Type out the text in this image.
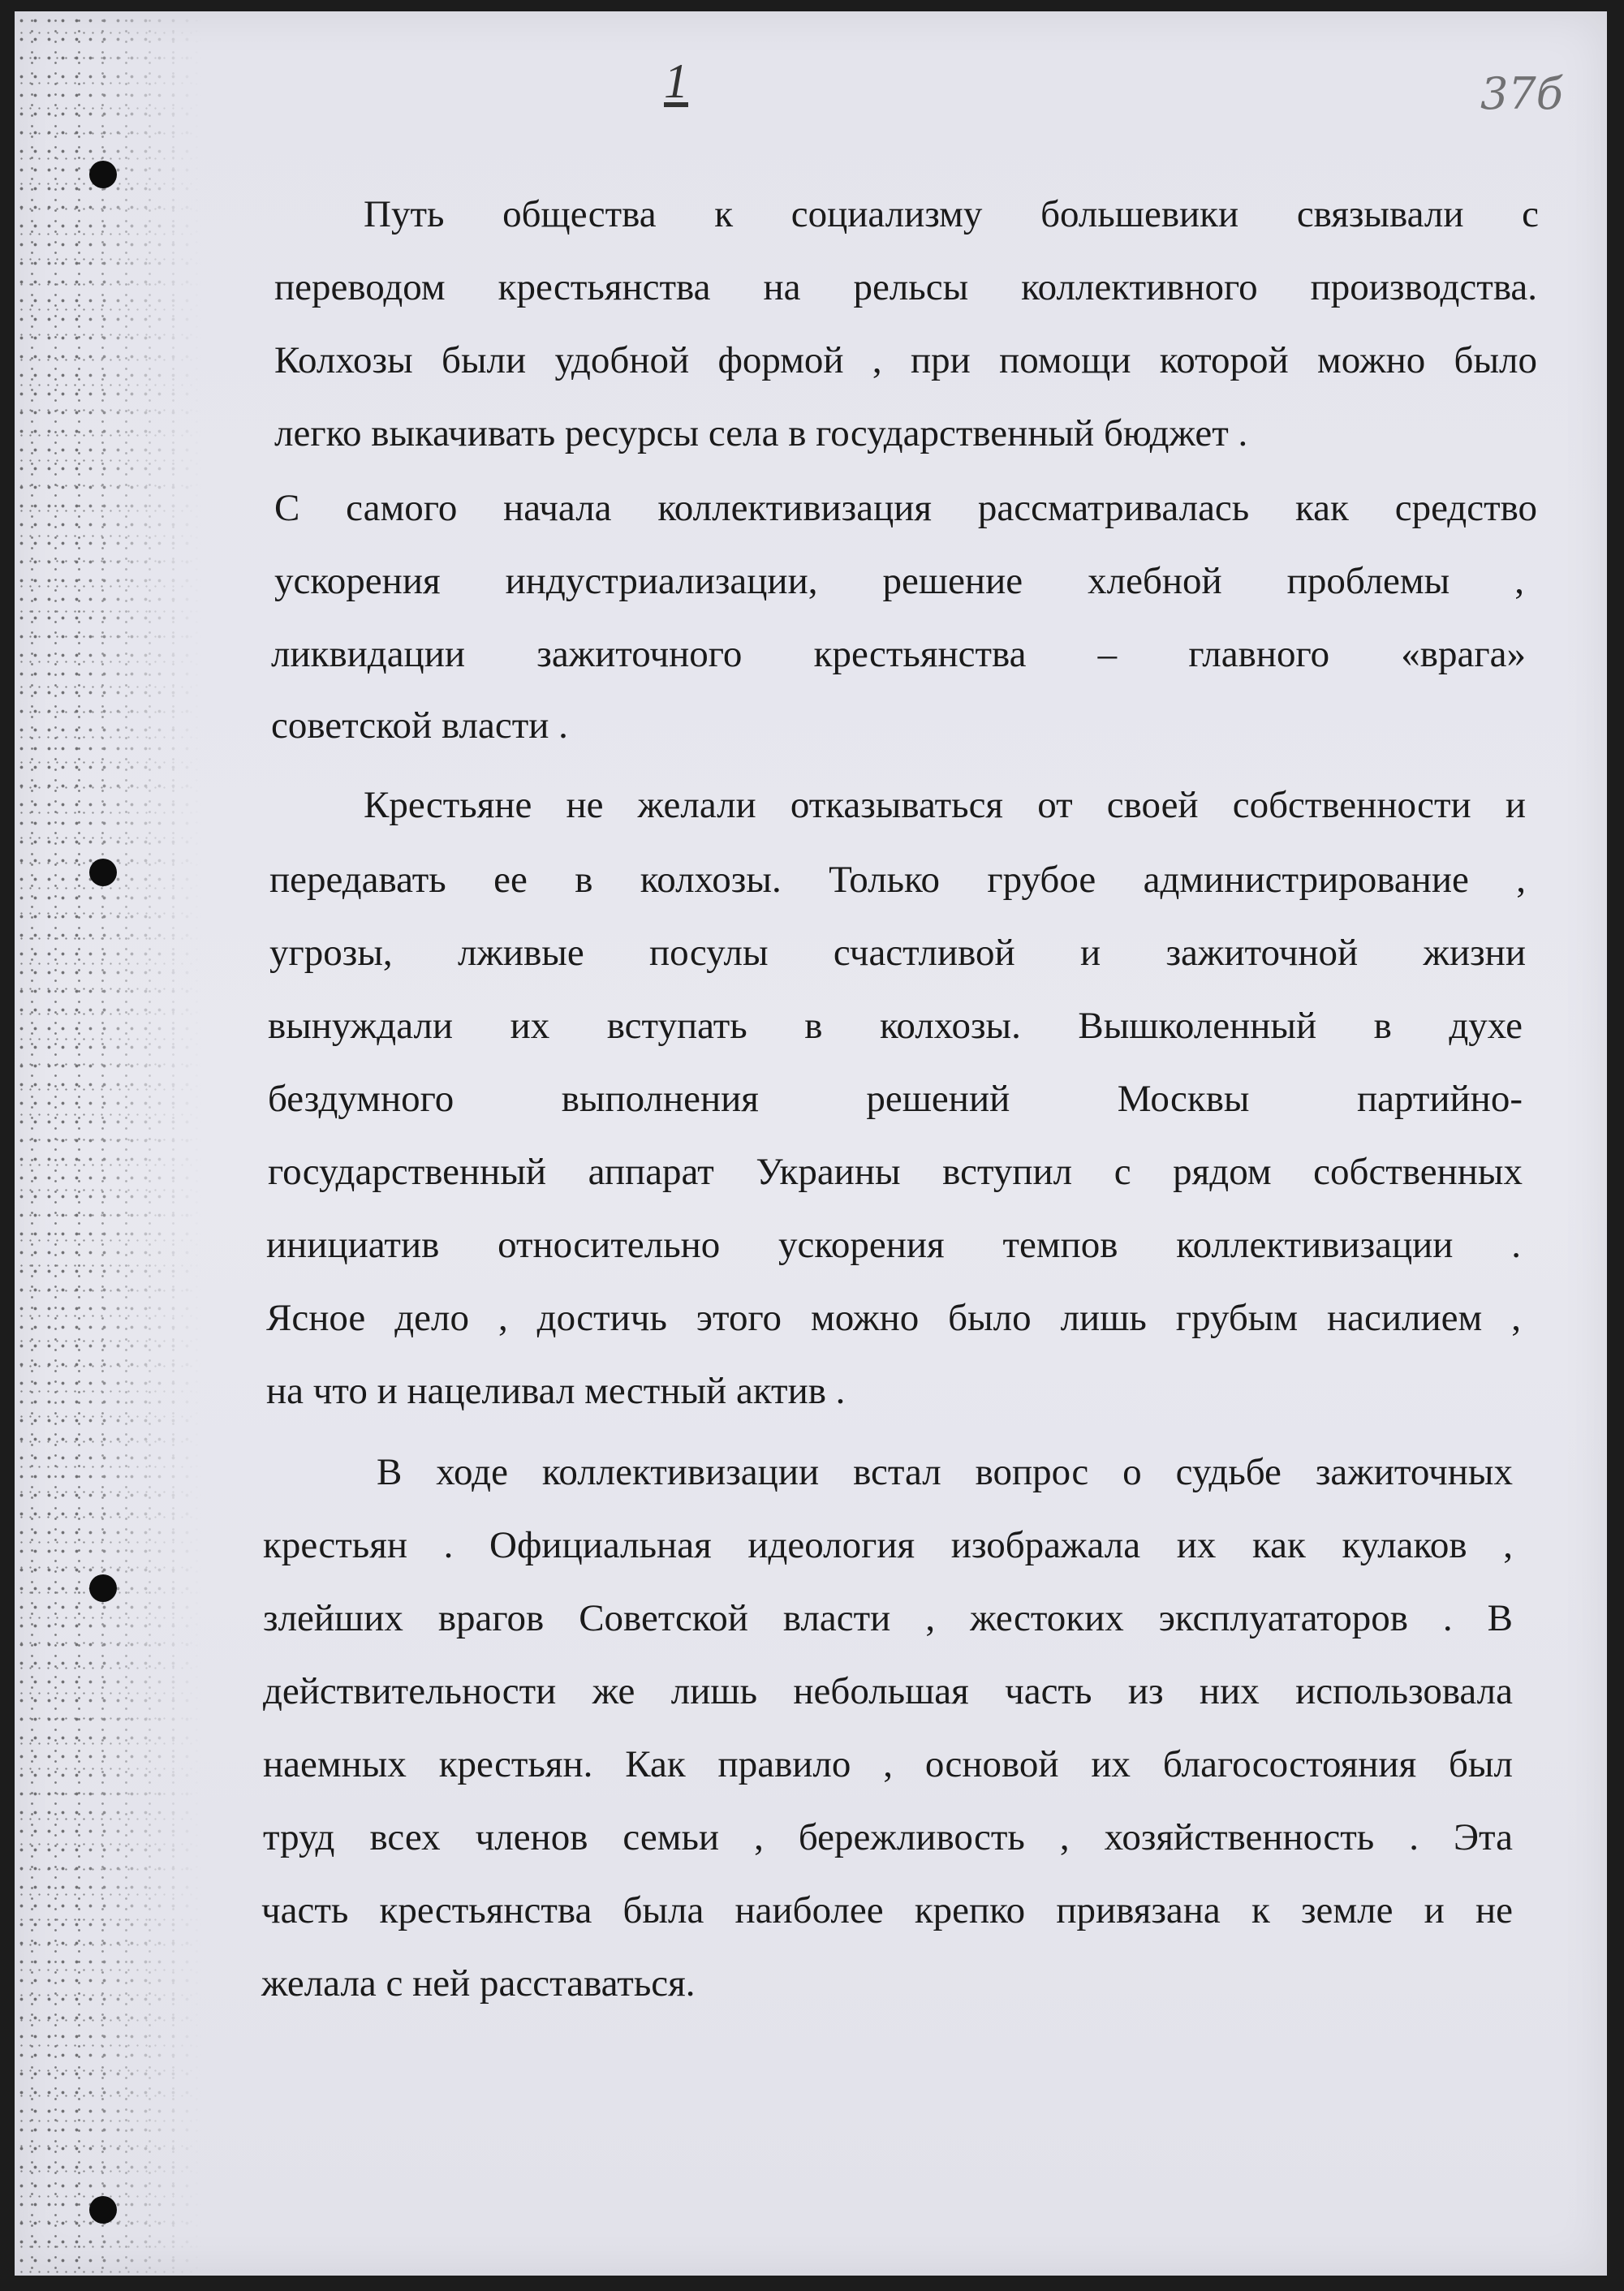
1	37б
Путь общества к социализму большевики связывали с
переводом крестьянства на рельсы коллективного производства.
Колхозы были удобной формой , при помощи которой можно было
легко выкачивать ресурсы села в государственный бюджет .
С самого начала коллективизация рассматривалась как средство
ускорения индустриализации, решение хлебной проблемы ,
ликвидации зажиточного крестьянства – главного «врага»
советской власти .
Крестьяне не желали отказываться от своей собственности и
передавать ее в колхозы. Только грубое администрирование ,
угрозы, лживые посулы счастливой и зажиточной жизни
вынуждали их вступать в колхозы. Вышколенный в духе
бездумного выполнения решений Москвы партийно-
государственный аппарат Украины вступил с рядом собственных
инициатив относительно ускорения темпов коллективизации .
Ясное дело , достичь этого можно было лишь грубым насилием ,
на что и нацеливал местный актив .
В ходе коллективизации встал вопрос о судьбе зажиточных
крестьян . Официальная идеология изображала их как кулаков ,
злейших врагов Советской власти , жестоких эксплуататоров . В
действительности же лишь небольшая часть из них использовала
наемных крестьян. Как правило , основой их благосостояния был
труд всех членов семьи , бережливость , хозяйственность . Эта
часть крестьянства была наиболее крепко привязана к земле и не
желала с ней расставаться.
